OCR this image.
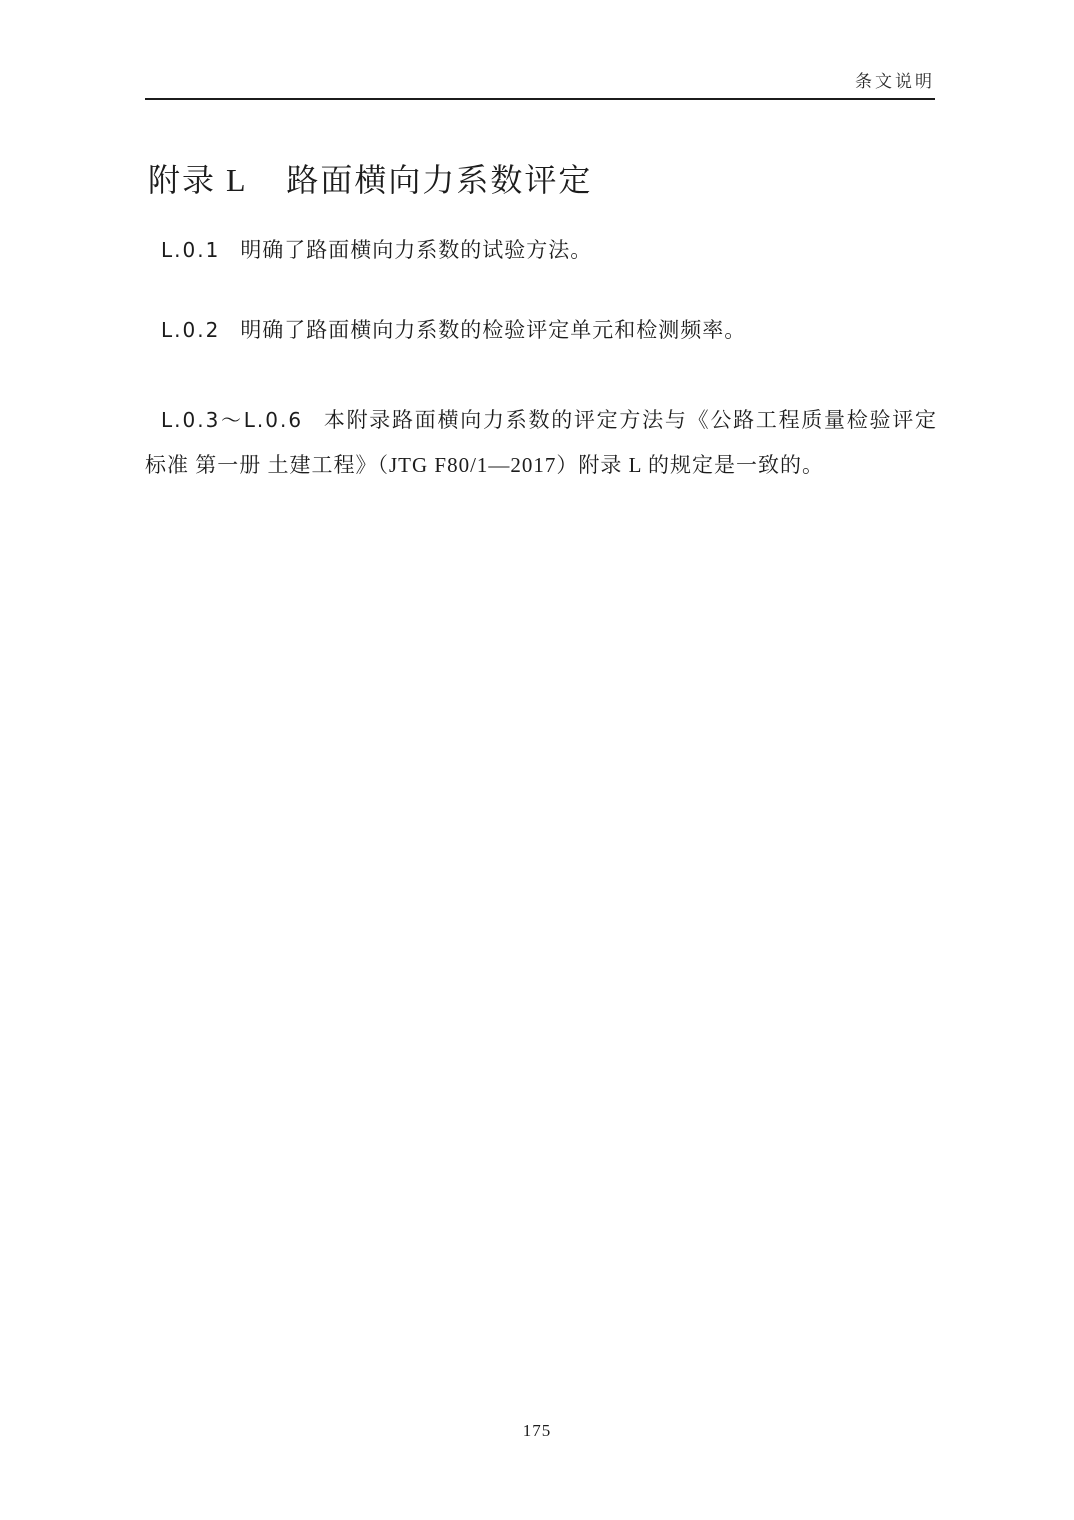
条文说明
附录 L 路面横向力系数评定

L.0.1 明确了路面横向力系数的试验方法。

L.0.2 明确了路面横向力系数的检验评定单元和检测频率。

L.0.3～L.0.6 本附录路面横向力系数的评定方法与《公路工程质量检验评定标准 第一册 土建工程》（JTG F80/1—2017）附录 L 的规定是一致的。

175
